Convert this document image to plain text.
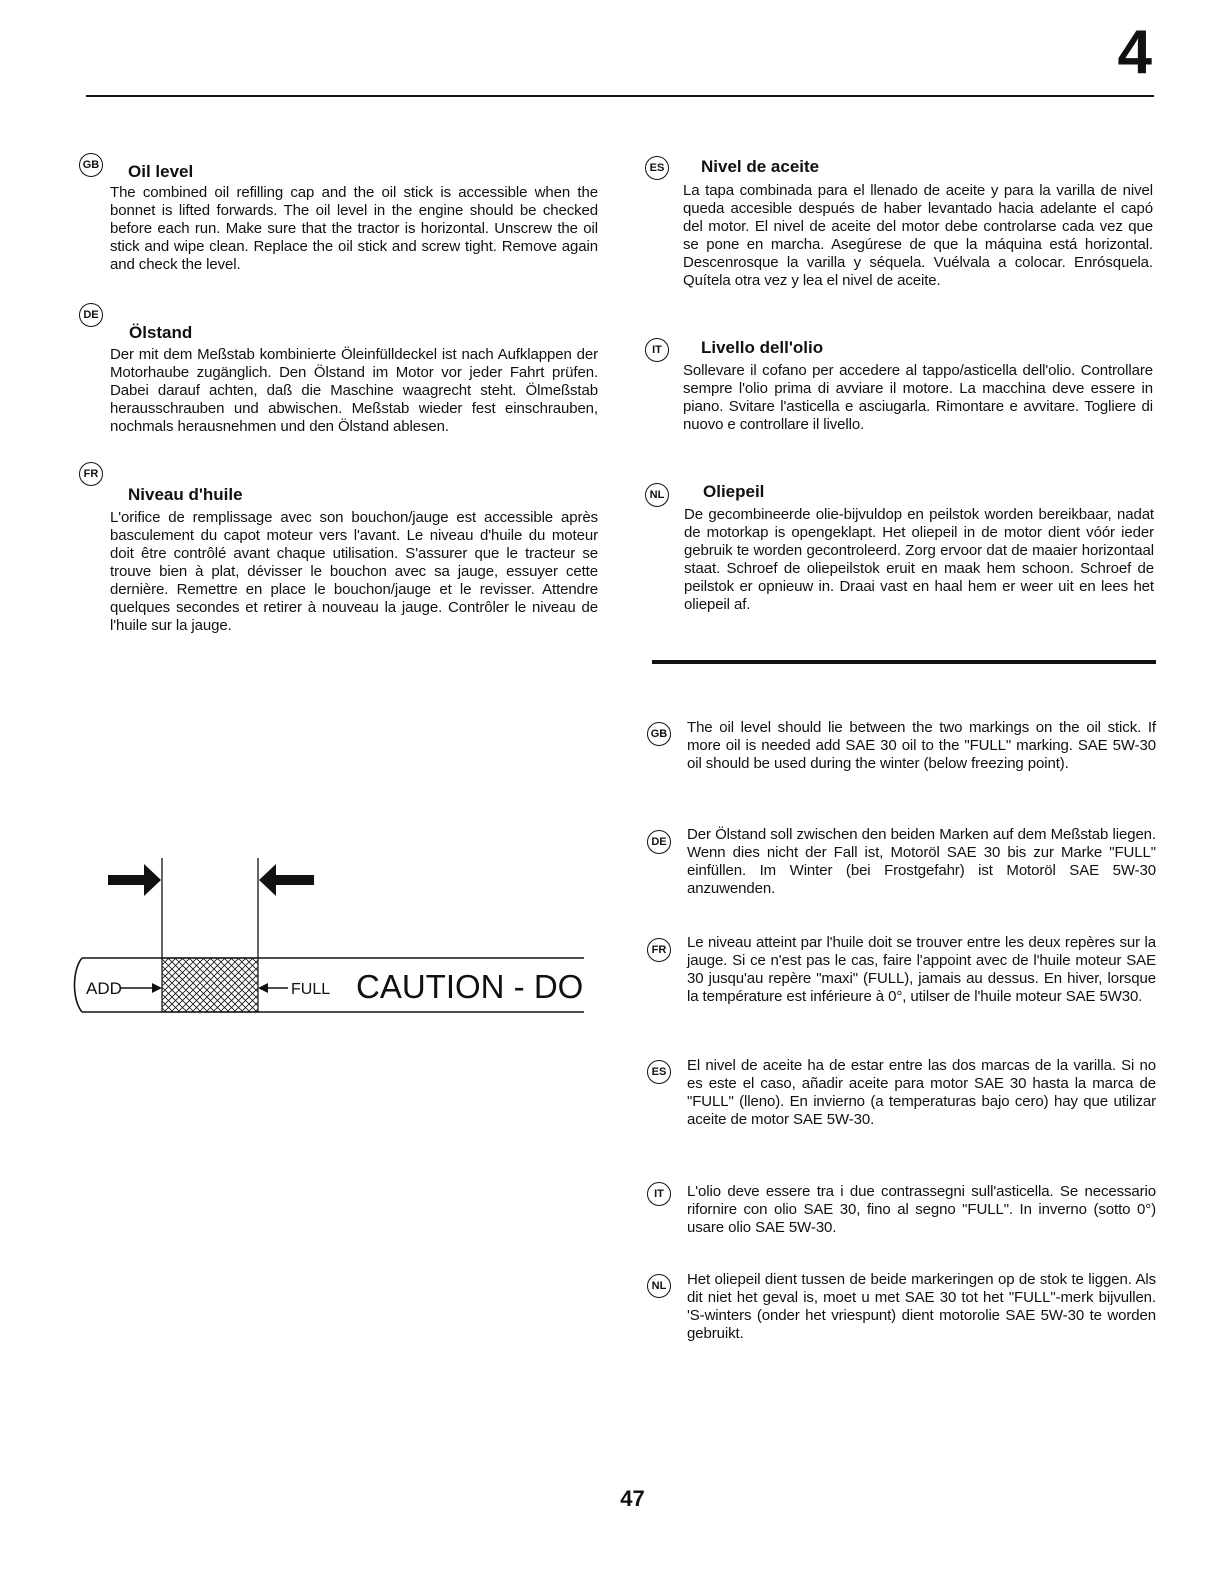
4
GB Oil level
The combined oil refilling cap and the oil stick is accessible when the bonnet is lifted forwards. The oil level in the engine should be checked before each run. Make sure that the tractor is horizontal. Unscrew the oil stick and wipe clean. Replace the oil stick and screw tight. Remove again and check the level.
DE
Ölstand
Der mit dem Meßstab kombinierte Öleinfülldeckel ist nach Aufklappen der Motorhaube zugänglich. Den Ölstand im Motor vor jeder Fahrt prüfen. Dabei darauf achten, daß die Maschine waagrecht steht. Ölmeßstab herausschrauben und abwischen. Meßstab wieder fest einschrauben, nochmals herausnehmen und den Ölstand ablesen.
FR
Niveau d'huile
L'orifice de remplissage avec son bouchon/jauge est accessible après basculement du capot moteur vers l'avant. Le niveau d'huile du moteur doit être contrôlé avant chaque utilisation. S'assurer que le tracteur se trouve bien à plat, dévisser le bouchon avec sa jauge, essuyer cette dernière. Remettre en place le bouchon/jauge et le revisser. Attendre quelques secondes et retirer à nouveau la jauge. Contrôler le niveau de l'huile sur la jauge.
ES Nivel de aceite
La tapa combinada para el llenado de aceite y para la varilla de nivel queda accesible después de haber levantado hacia adelante el capó del motor. El nivel de aceite del motor debe controlarse cada vez que se pone en marcha. Asegúrese de que la máquina está horizontal. Descenrosque la varilla y séquela. Vuélvala a colocar. Enrósquela. Quítela otra vez y lea el nivel de aceite.
IT	Livello dell'olio
Sollevare il cofano per accedere al tappo/asticella dell'olio. Controllare sempre l'olio prima di avviare il motore. La macchina deve essere in piano. Svitare l'asticella e asciugarla. Rimontare e avvitare. Togliere di nuovo e controllare il livello.
NL Oliepeil
De gecombineerde olie-bijvuldop en peilstok worden bereikbaar, nadat de motorkap is opengeklapt. Het oliepeil in de motor dient vóór ieder gebruik te worden gecontroleerd. Zorg ervoor dat de maaier horizontaal staat. Schroef de oliepeilstok eruit en maak hem schoon. Schroef de peilstok er opnieuw in. Draai vast en haal hem er weer uit en lees het oliepeil af.
GB The oil level should lie between the two markings on the oil stick. If more oil is needed add SAE 30 oil to the "FULL" marking. SAE 5W-30 oil should be used during the winter (below freezing point).
DE Der Ölstand soll zwischen den beiden Marken auf dem Meßstab liegen. Wenn dies nicht der Fall ist, Motoröl SAE 30 bis zur Marke "FULL" einfüllen. Im Winter (bei Frostgefahr) ist Motoröl SAE 5W-30 anzuwenden.
FR	Le niveau atteint par l'huile doit se trouver entre les deux repères sur la jauge. Si ce n'est pas le cas, faire l'appoint avec de l'huile moteur SAE 30 jusqu'au repère "maxi" (FULL), jamais au dessus. En hiver, lorsque la température est inférieure à 0°, utilser de l'huile moteur SAE 5W30.
ES	El nivel de aceite ha de estar entre las dos marcas de la varilla. Si no es este el caso, añadir aceite para motor SAE 30 hasta la marca de "FULL" (lleno). En invierno (a temperaturas bajo cero) hay que utilizar aceite de motor SAE 5W-30.
IT	L'olio deve essere tra i due contrassegni sull'asticella. Se necessario rifornire con olio SAE 30, fino al segno "FULL". In inverno (sotto 0°) usare olio SAE 5W-30.
NL	Het oliepeil dient tussen de beide markeringen op de stok te liggen. Als dit niet het geval is, moet u met SAE 30 tot het "FULL"-merk bijvullen. 'S-winters (onder het vriespunt) dient motorolie SAE 5W-30 te worden gebruikt.
ADD	FULL CAUTION - DO
47
